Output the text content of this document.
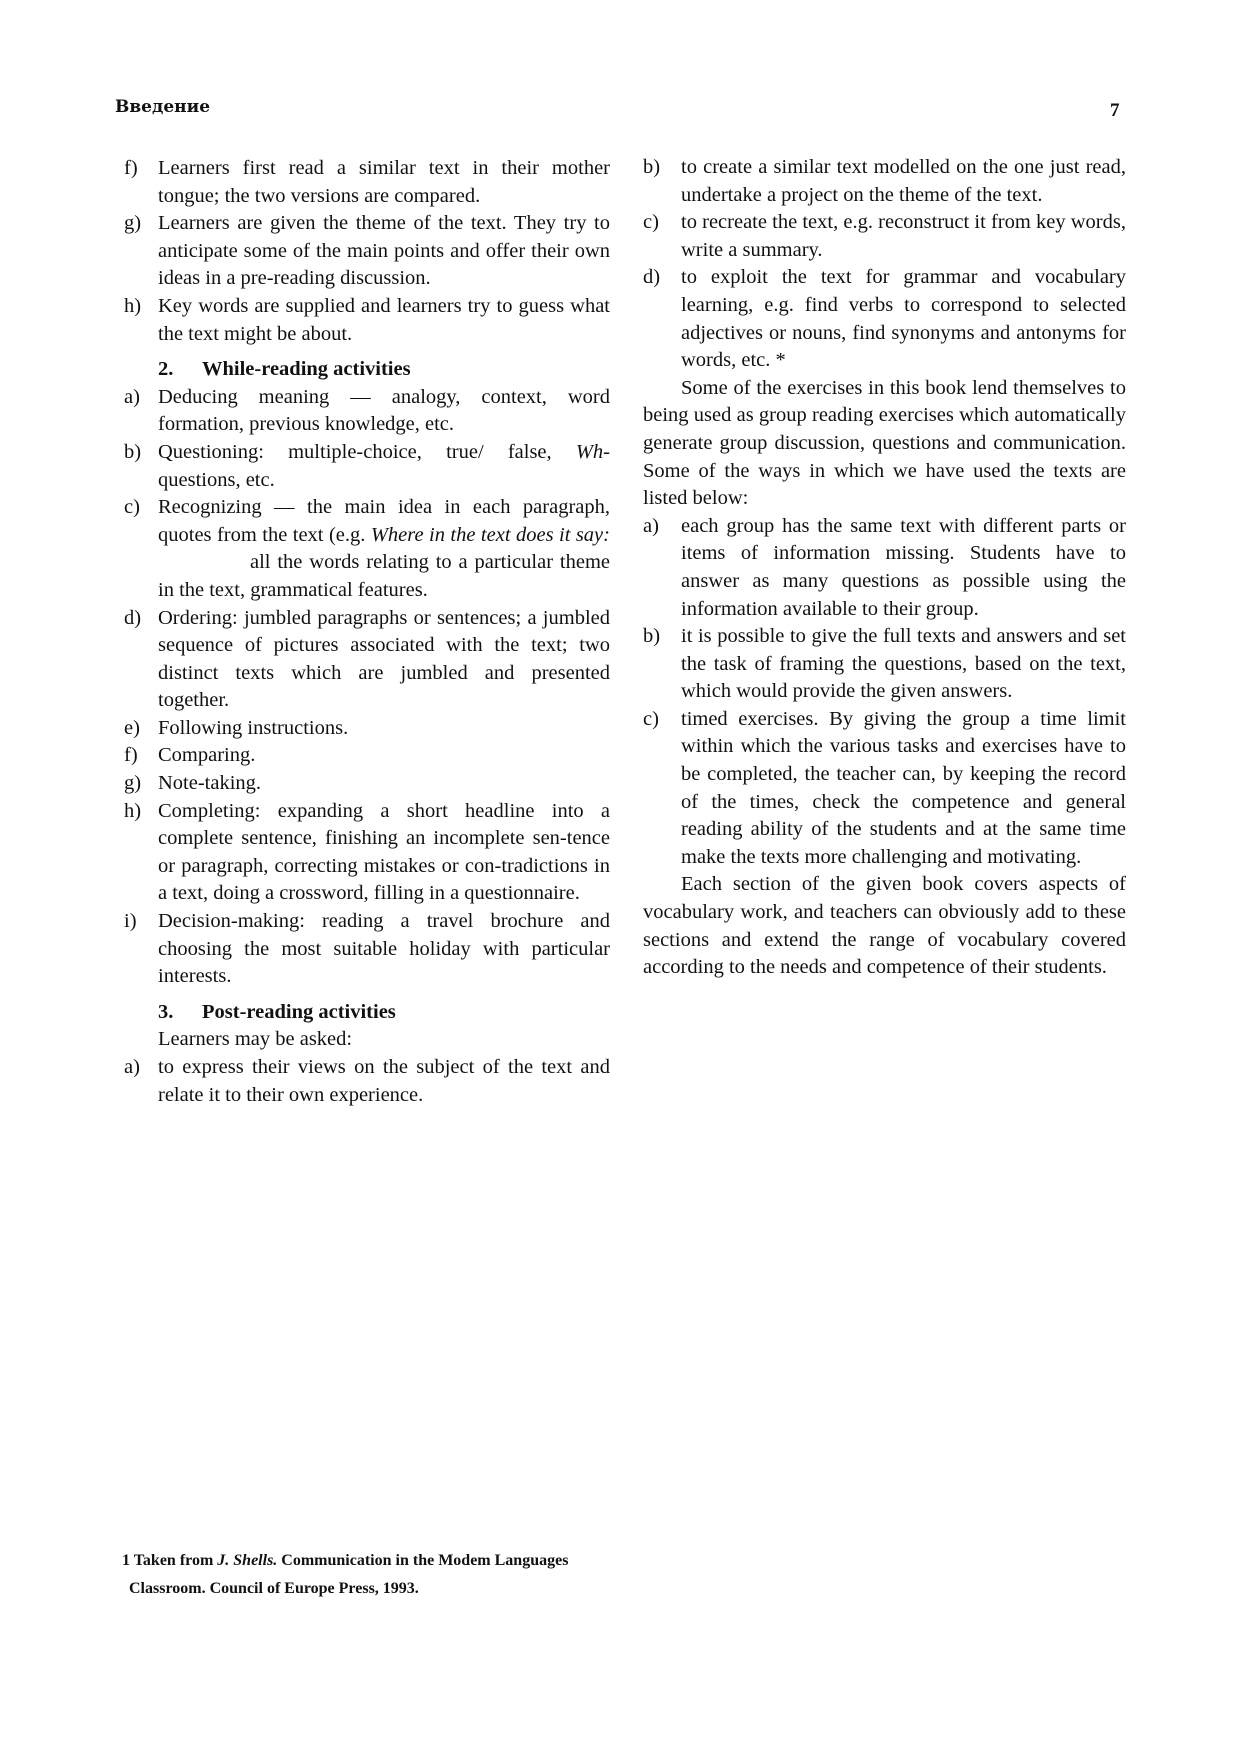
Введение	7
f) Learners first read a similar text in their mother tongue; the two versions are compared.
g) Learners are given the theme of the text. They try to anticipate some of the main points and offer their own ideas in a pre-reading discussion.
h) Key words are supplied and learners try to guess what the text might be about.
2. While-reading activities
a) Deducing meaning — analogy, context, word formation, previous knowledge, etc.
b) Questioning: multiple-choice, true/ false, Wh-questions, etc.
c) Recognizing — the main idea in each paragraph, quotes from the text (e.g. Where in the text does it say:all the words relating to a particular theme in the text, grammatical features.
d) Ordering: jumbled paragraphs or sentences; a jumbled sequence of pictures associated with the text; two distinct texts which are jumbled and presented together.
e) Following instructions.
f) Comparing.
g) Note-taking.
h) Completing: expanding a short headline into a complete sentence, finishing an incomplete sen-tence or paragraph, correcting mistakes or con-tradictions in a text, doing a crossword, filling in a questionnaire.
i) Decision-making: reading a travel brochure and choosing the most suitable holiday with particular interests.
3. Post-reading activities
Learners may be asked:
a) to express their views on the subject of the text and relate it to their own experience.
b) to create a similar text modelled on the one just read, undertake a project on the theme of the text.
c) to recreate the text, e.g. reconstruct it from key words, write a summary.
d) to exploit the text for grammar and vocabulary learning, e.g. find verbs to correspond to selected adjectives or nouns, find synonyms and antonyms for words, etc. *

Some of the exercises in this book lend themselves to being used as group reading exercises which automatically generate group discussion, questions and communication. Some of the ways in which we have used the texts are listed below:

a) each group has the same text with different parts or items of information missing. Students have to answer as many questions as possible using the information available to their group.
b) it is possible to give the full texts and answers and set the task of framing the questions, based on the text, which would provide the given answers.
c) timed exercises. By giving the group a time limit within which the various tasks and exercises have to be completed, the teacher can, by keeping the record of the times, check the competence and general reading ability of the students and at the same time make the texts more challenging and motivating.

Each section of the given book covers aspects of vocabulary work, and teachers can obviously add to these sections and extend the range of vocabulary covered according to the needs and competence of their students.

1 Taken from J. Shells. Communication in the Modem Languages
Classroom. Council of Europe Press, 1993.
